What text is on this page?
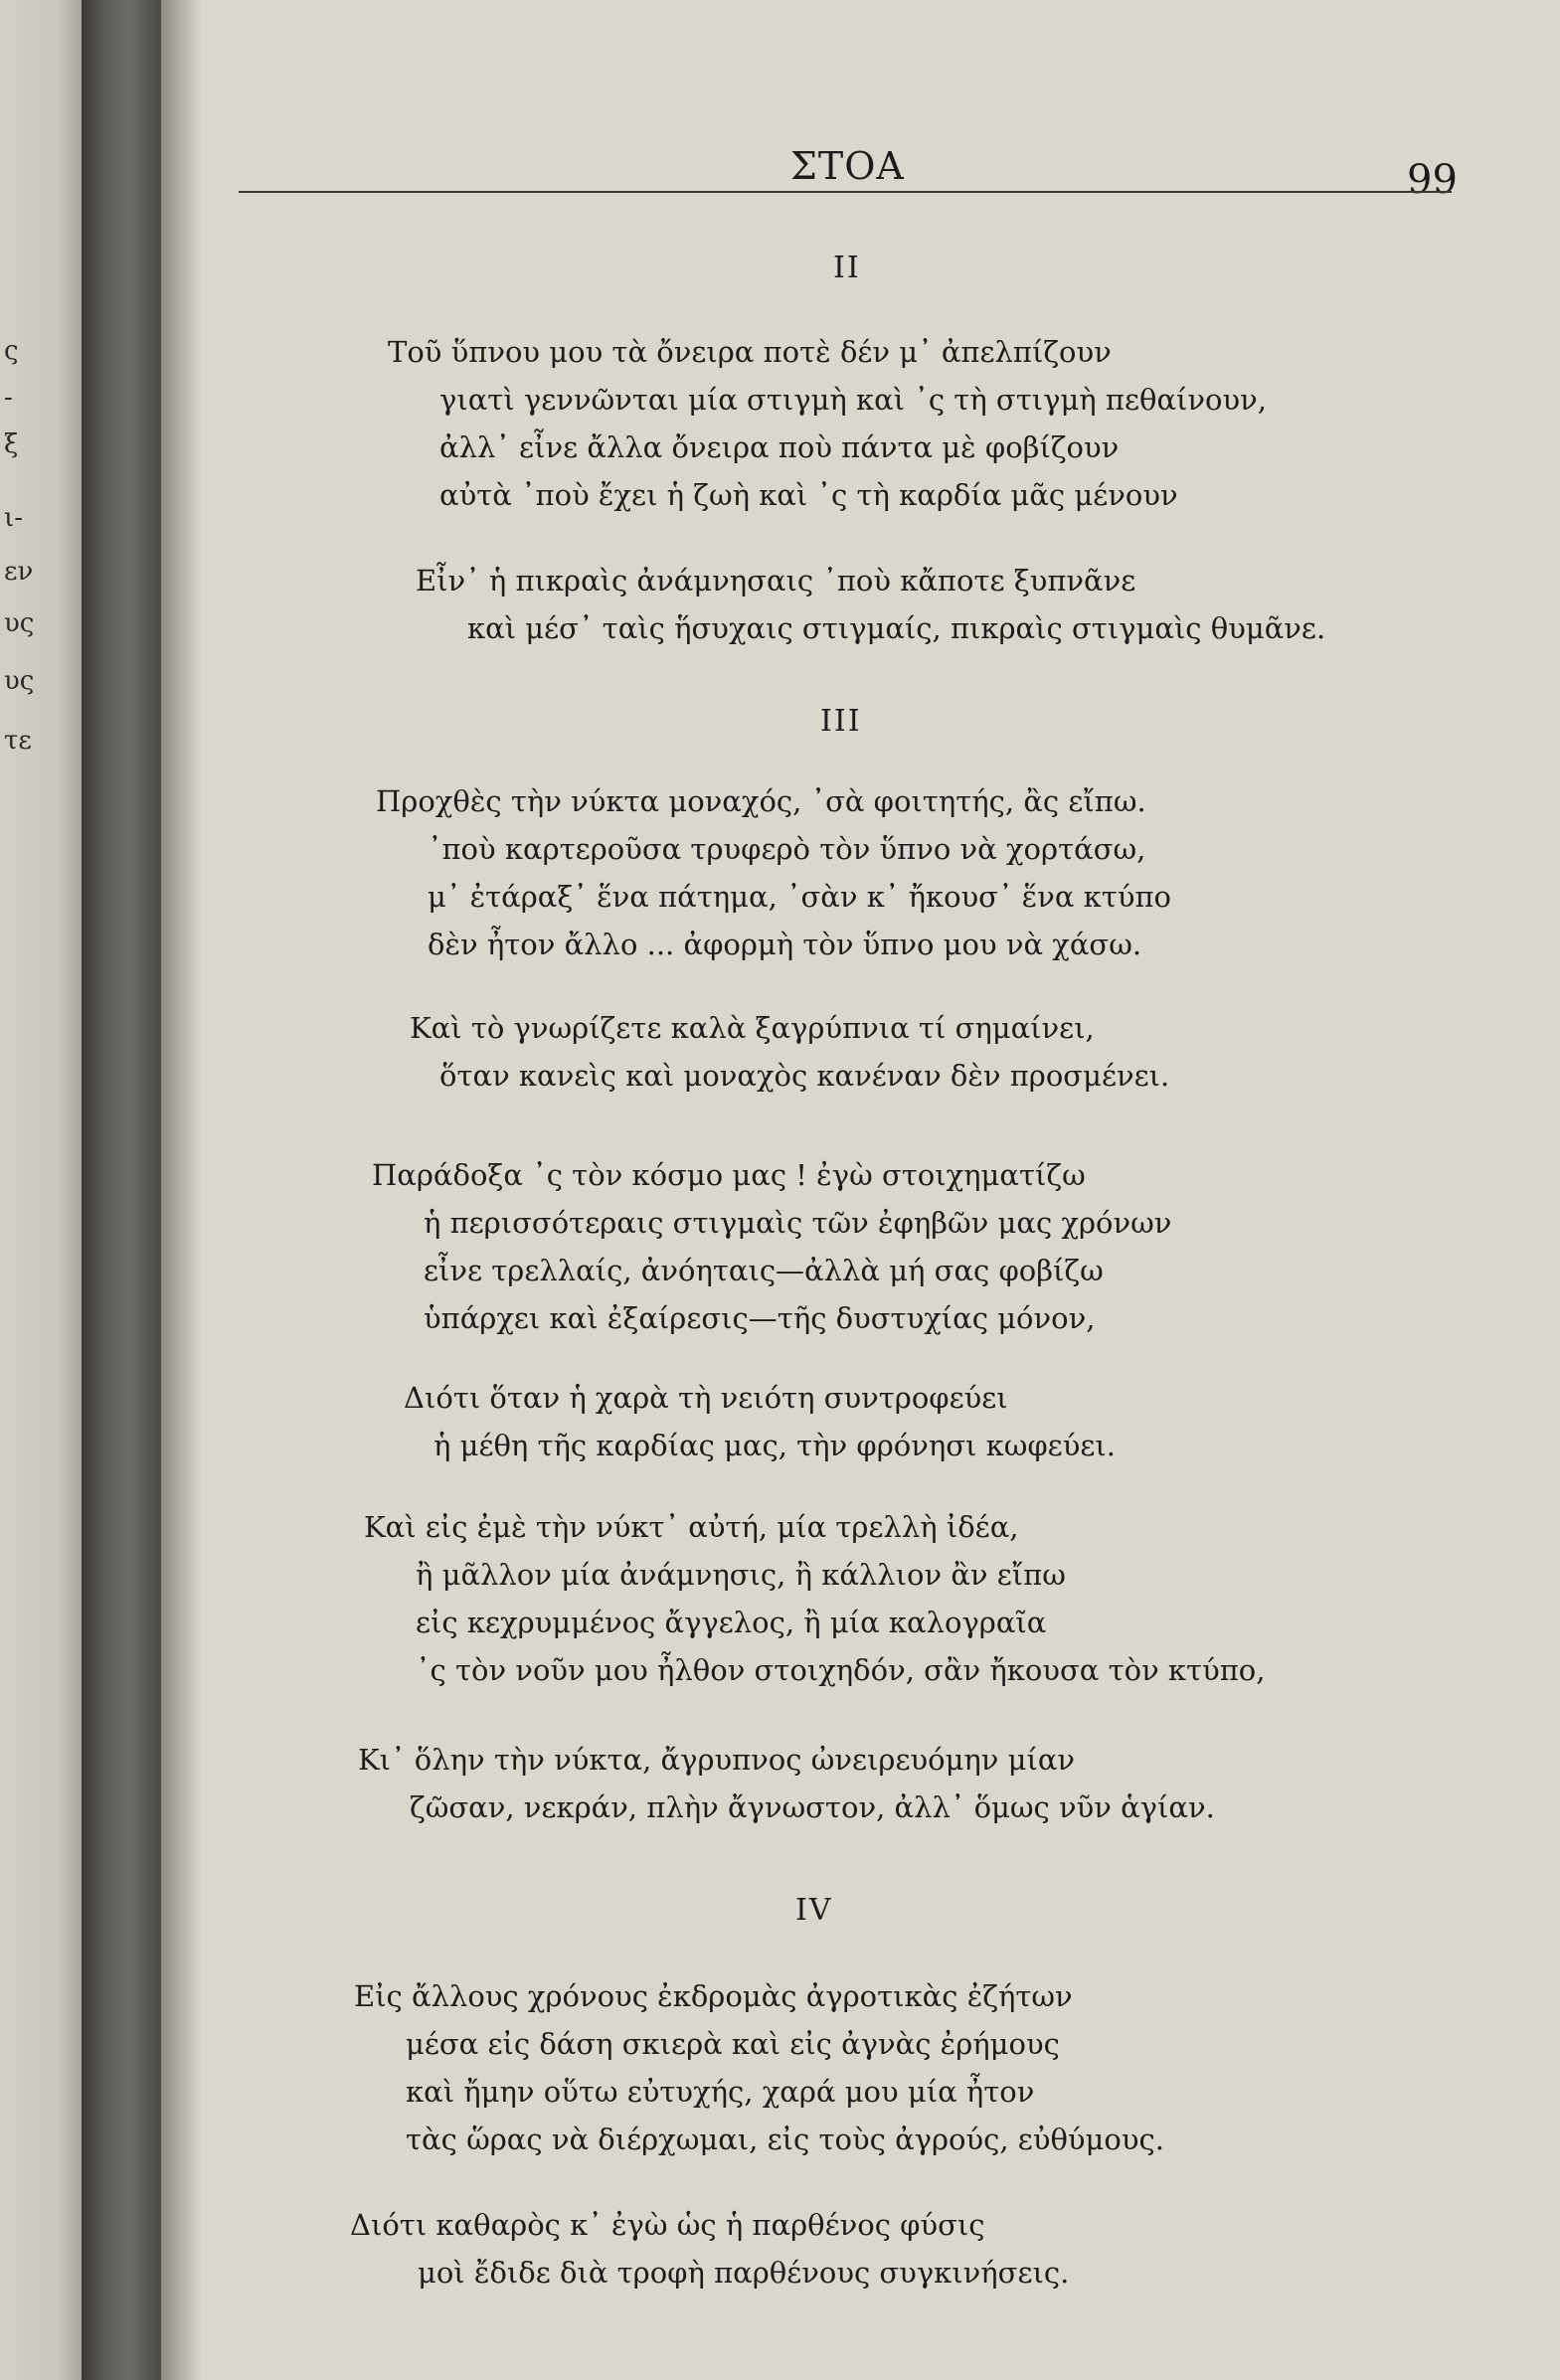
ς
-
ξ
ι-
εν
υς
υς
τε
ΣΤΟΑ	99
II
Τοῦ ὕπνου μου τὰ ὄνειρα ποτὲ δέν μ᾽ ἀπελπίζουν
γιατὶ γεννῶνται μία στιγμὴ καὶ ᾽ς τὴ στιγμὴ πεθαίνουν,
ἀλλ᾽ εἶνε ἄλλα ὄνειρα ποὺ πάντα μὲ φοβίζουν
αὐτὰ ᾽ποὺ ἔχει ἡ ζωὴ καὶ ᾽ς τὴ καρδία μᾶς μένουν
Εἶν᾽ ἡ πικραὶς ἀνάμνησαις ᾽ποὺ κἄποτε ξυπνᾶνε
καὶ μέσ᾽ ταὶς ἥσυχαις στιγμαίς, πικραὶς στιγμαὶς θυμᾶνε.
III
Προχθὲς τὴν νύκτα μοναχός, ᾽σὰ φοιτητής, ἂς εἴπω.
᾽ποὺ καρτεροῦσα τρυφερὸ τὸν ὕπνο νὰ χορτάσω,
μ᾽ ἐτάραξ᾽ ἕνα πάτημα, ᾽σὰν κ᾽ ἤκουσ᾽ ἕνα κτύπο
δὲν ἦτον ἄλλο ... ἀφορμὴ τὸν ὕπνο μου νὰ χάσω.
Καὶ τὸ γνωρίζετε καλὰ ξαγρύπνια τί σημαίνει,
ὅταν κανεὶς καὶ μοναχὸς κανέναν δὲν προσμένει.
Παράδοξα ᾽ς τὸν κόσμο μας ! ἐγὼ στοιχηματίζω
ἡ περισσότεραις στιγμαὶς τῶν ἐφηβῶν μας χρόνων
εἶνε τρελλαίς, ἀνόηταις—ἀλλὰ μή σας φοβίζω
ὑπάρχει καὶ ἐξαίρεσις—τῆς δυστυχίας μόνον,
Διότι ὅταν ἡ χαρὰ τὴ νειότη συντροφεύει
ἡ μέθη τῆς καρδίας μας, τὴν φρόνησι κωφεύει.
Καὶ εἰς ἐμὲ τὴν νύκτ᾽ αὐτή, μία τρελλὴ ἰδέα,
ἢ μᾶλλον μία ἀνάμνησις, ἢ κάλλιον ἂν εἴπω
εἰς κεχρυμμένος ἄγγελος, ἢ μία καλογραῖα
᾽ς τὸν νοῦν μου ἦλθον στοιχηδόν, σἂν ἤκουσα τὸν κτύπο,
Κι᾽ ὅλην τὴν νύκτα, ἄγρυπνος ὠνειρευόμην μίαν
ζῶσαν, νεκράν, πλὴν ἄγνωστον, ἀλλ᾽ ὅμως νῦν ἁγίαν.
IV
Εἰς ἄλλους χρόνους ἐκδρομὰς ἀγροτικὰς ἐζήτων
μέσα εἰς δάση σκιερὰ καὶ εἰς ἀγνὰς ἐρήμους
καὶ ἤμην οὕτω εὐτυχής, χαρά μου μία ἦτον
τὰς ὥρας νὰ διέρχωμαι, εἰς τοὺς ἀγρούς, εὐθύμους.
Διότι καθαρὸς κ᾽ ἐγὼ ὡς ἡ παρθένος φύσις
μοὶ ἔδιδε διὰ τροφὴ παρθένους συγκινήσεις.
